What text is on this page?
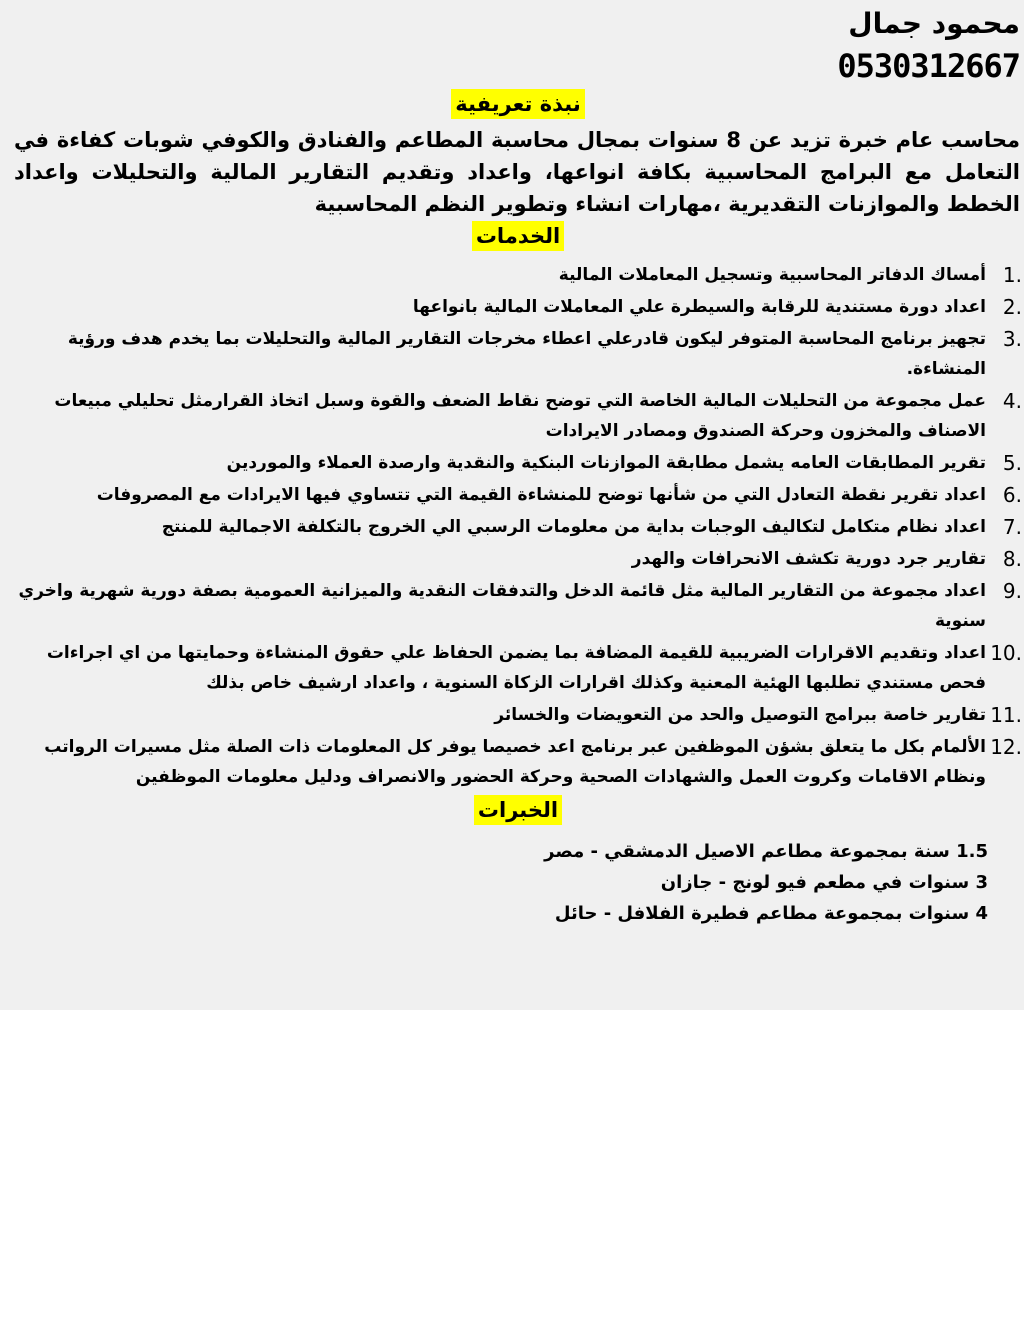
محمود جمال

0530312667

نبذة تعريفية

محاسب عام خبرة تزيد عن 8 سنوات بمجال محاسبة المطاعم والفنادق والكوفي شوبات كفاءة في التعامل مع البرامج المحاسبية بكافة انواعها، واعداد وتقديم التقارير المالية والتحليلات واعداد الخطط والموازنات التقديرية ،مهارات انشاء وتطوير النظم المحاسبية

الخدمات

1.
أمساك الدفاتر المحاسبية وتسجيل المعاملات المالية
2.
اعداد دورة مستندية للرقابة والسيطرة علي المعاملات المالية بانواعها
3.
تجهيز برنامج المحاسبة المتوفر ليكون قادرعلي اعطاء مخرجات التقارير المالية والتحليلات بما يخدم هدف ورؤية المنشاءة.
4.
عمل مجموعة من التحليلات المالية الخاصة التي توضح نقاط الضعف والقوة وسبل اتخاذ القرارمثل تحليلي مبيعات الاصناف والمخزون وحركة الصندوق ومصادر الايرادات
5.
تقرير المطابقات العامه يشمل مطابقة الموازنات البنكية والنقدية وارصدة العملاء والموردين
6.
اعداد تقرير نقطة التعادل التي من شأنها توضح للمنشاءة القيمة التي تتساوي فيها الايرادات مع المصروفات
7.
اعداد نظام متكامل لتكاليف الوجبات بداية من معلومات الرسبي الي الخروج بالتكلفة الاجمالية للمنتج
8.
تقارير جرد دورية تكشف الانحرافات والهدر
9.
اعداد مجموعة من التقارير المالية مثل قائمة الدخل والتدفقات النقدية والميزانية العمومية بصفة دورية شهرية واخري سنوية
10.
اعداد وتقديم الاقرارات الضريبية للقيمة المضافة بما يضمن الحفاظ علي حقوق المنشاءة وحمايتها من اي اجراءات فحص مستندي تطلبها الهئية المعنية وكذلك اقرارات الزكاة السنوية ، واعداد ارشيف خاص بذلك
11.
تقارير خاصة ببرامج التوصيل والحد من التعويضات والخسائر
12.
الألمام بكل ما يتعلق بشؤن الموظفين عبر برنامج اعد خصيصا يوفر كل المعلومات ذات الصلة مثل مسيرات الرواتب ونظام الاقامات وكروت العمل والشهادات الصحية وحركة الحضور والانصراف ودليل معلومات الموظفين

الخبرات

1.5 سنة بمجموعة مطاعم الاصيل الدمشقي - مصر
3 سنوات في مطعم فيو لونج - جازان
4 سنوات بمجموعة مطاعم فطيرة الفلافل - حائل
